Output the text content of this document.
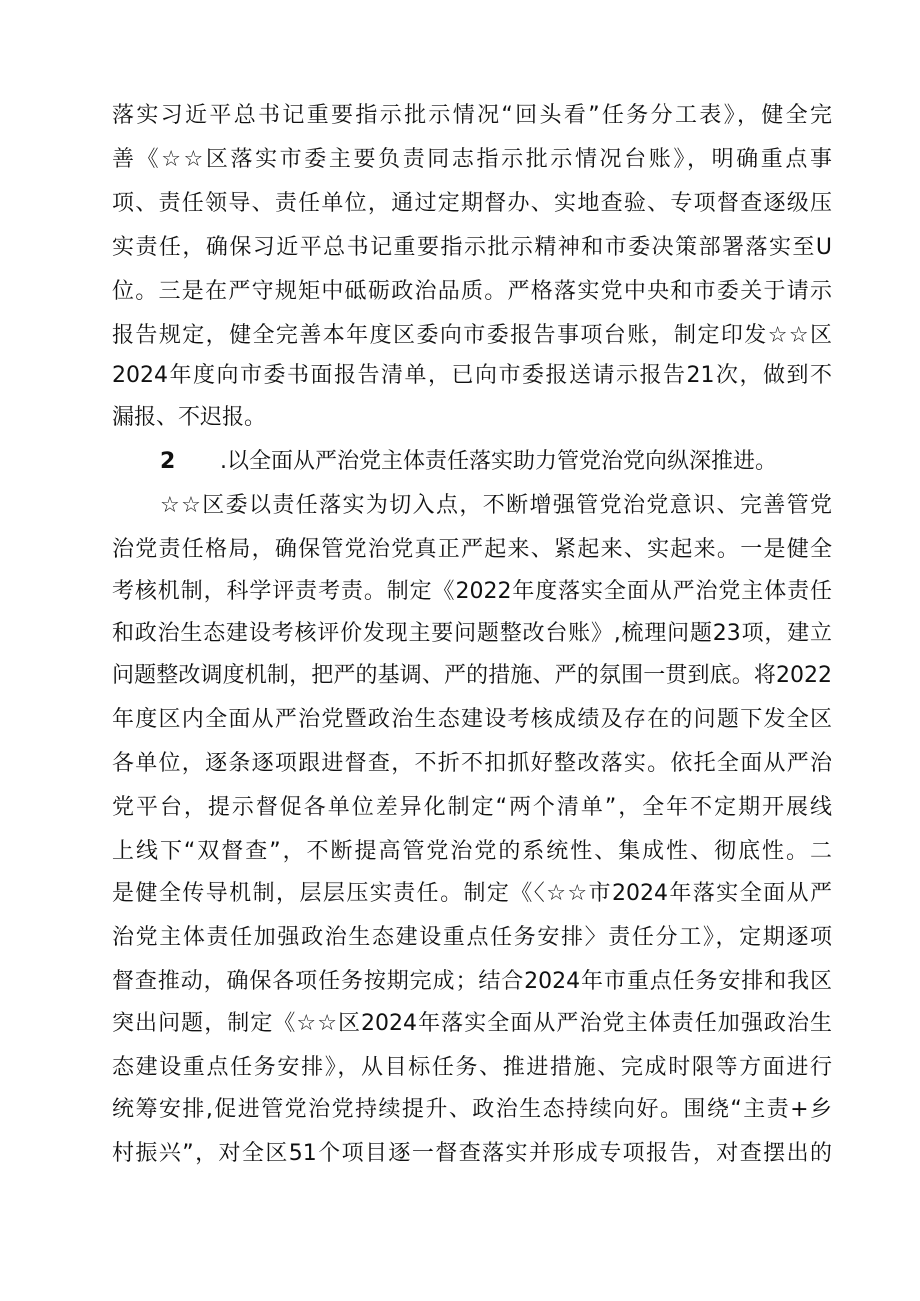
落实习近平总书记重要指示批示情况“回头看”任务分工表》，健全完
善《☆☆区落实市委主要负责同志指示批示情况台账》，明确重点事
项、责任领导、责任单位，通过定期督办、实地查验、专项督查逐级压
实责任，确保习近平总书记重要指示批示精神和市委决策部署落实至U
位。三是在严守规矩中砥砺政治品质。严格落实党中央和市委关于请示
报告规定，健全完善本年度区委向市委报告事项台账，制定印发☆☆区
2024年度向市委书面报告清单，已向市委报送请示报告21次，做到不
漏报、不迟报。
2 .以全面从严治党主体责任落实助力管党治党向纵深推进。
☆☆区委以责任落实为切入点，不断增强管党治党意识、完善管党
治党责任格局，确保管党治党真正严起来、紧起来、实起来。一是健全
考核机制，科学评责考责。制定《2022年度落实全面从严治党主体责任
和政治生态建设考核评价发现主要问题整改台账》,梳理问题23项，建立
问题整改调度机制，把严的基调、严的措施、严的氛围一贯到底。将2022
年度区内全面从严治党暨政治生态建设考核成绩及存在的问题下发全区
各单位，逐条逐项跟进督查，不折不扣抓好整改落实。依托全面从严治
党平台，提示督促各单位差异化制定“两个清单”，全年不定期开展线
上线下“双督查”，不断提高管党治党的系统性、集成性、彻底性。二
是健全传导机制，层层压实责任。制定《〈☆☆市2024年落实全面从严
治党主体责任加强政治生态建设重点任务安排〉责任分工》，定期逐项
督查推动，确保各项任务按期完成；结合2024年市重点任务安排和我区
突出问题，制定《☆☆区2024年落实全面从严治党主体责任加强政治生
态建设重点任务安排》，从目标任务、推进措施、完成时限等方面进行
统筹安排,促进管党治党持续提升、政治生态持续向好。围绕“主责+乡
村振兴”，对全区51个项目逐一督查落实并形成专项报告，对查摆出的
